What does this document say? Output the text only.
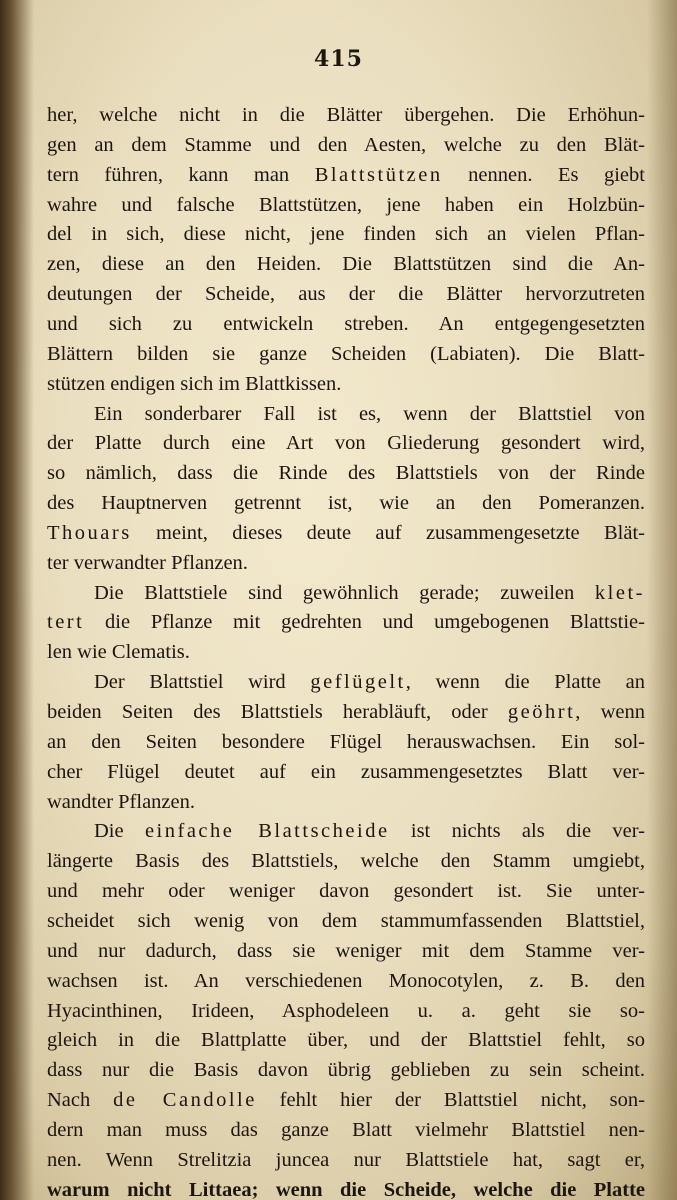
415
her, welche nicht in die Blätter übergehen. Die Erhöhun-
gen an dem Stamme und den Aesten, welche zu den Blät-
tern führen, kann man Blattstützen nennen. Es giebt
wahre und falsche Blattstützen, jene haben ein Holzbün-
del in sich, diese nicht, jene finden sich an vielen Pflan-
zen, diese an den Heiden. Die Blattstützen sind die An-
deutungen der Scheide, aus der die Blätter hervorzutreten
und sich zu entwickeln streben. An entgegengesetzten
Blättern bilden sie ganze Scheiden (Labiaten). Die Blatt-
stützen endigen sich im Blattkissen.
Ein sonderbarer Fall ist es, wenn der Blattstiel von
der Platte durch eine Art von Gliederung gesondert wird,
so nämlich, dass die Rinde des Blattstiels von der Rinde
des Hauptnerven getrennt ist, wie an den Pomeranzen.
Thouars meint, dieses deute auf zusammengesetzte Blät-
ter verwandter Pflanzen.
Die Blattstiele sind gewöhnlich gerade; zuweilen klet-
tert die Pflanze mit gedrehten und umgebogenen Blattstie-
len wie Clematis.
Der Blattstiel wird geflügelt, wenn die Platte an
beiden Seiten des Blattstiels herabläuft, oder geöhrt, wenn
an den Seiten besondere Flügel herauswachsen. Ein sol-
cher Flügel deutet auf ein zusammengesetztes Blatt ver-
wandter Pflanzen.
Die einfache Blattscheide ist nichts als die ver-
längerte Basis des Blattstiels, welche den Stamm umgiebt,
und mehr oder weniger davon gesondert ist. Sie unter-
scheidet sich wenig von dem stammumfassenden Blattstiel,
und nur dadurch, dass sie weniger mit dem Stamme ver-
wachsen ist. An verschiedenen Monocotylen, z. B. den
Hyacinthinen, Irideen, Asphodeleen u. a. geht sie so-
gleich in die Blattplatte über, und der Blattstiel fehlt, so
dass nur die Basis davon übrig geblieben zu sein scheint.
Nach de Candolle fehlt hier der Blattstiel nicht, son-
dern man muss das ganze Blatt vielmehr Blattstiel nen-
nen. Wenn Strelitzia juncea nur Blattstiele hat, sagt er,
warum nicht Littaea; wenn die Scheide, welche die Platte
